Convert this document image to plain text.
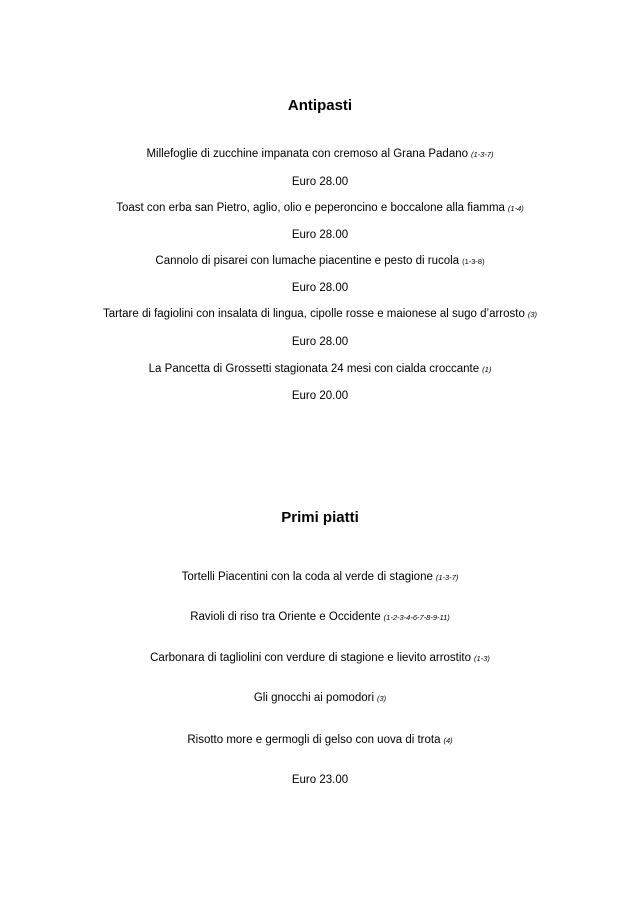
Antipasti
Millefoglie di zucchine impanata con cremoso al Grana Padano (1-3-7)
Euro 28.00
Toast con erba san Pietro, aglio, olio e peperoncino e boccalone alla fiamma (1-4)
Euro 28.00
Cannolo di pisarei con lumache piacentine e pesto di rucola (1-3-8)
Euro 28.00
Tartare di fagiolini con insalata di lingua, cipolle rosse e maionese al sugo d’arrosto (3)
Euro 28.00
La Pancetta di Grossetti stagionata 24 mesi con cialda croccante (1)
Euro 20.00
Primi piatti
Tortelli Piacentini con la coda al verde di stagione (1-3-7)
Ravioli di riso tra Oriente e Occidente (1-2-3-4-6-7-8-9-11)
Carbonara di tagliolini con verdure di stagione e lievito arrostito (1-3)
Gli gnocchi ai pomodori (3)
Risotto more e germogli di gelso con uova di trota (4)
Euro 23.00
